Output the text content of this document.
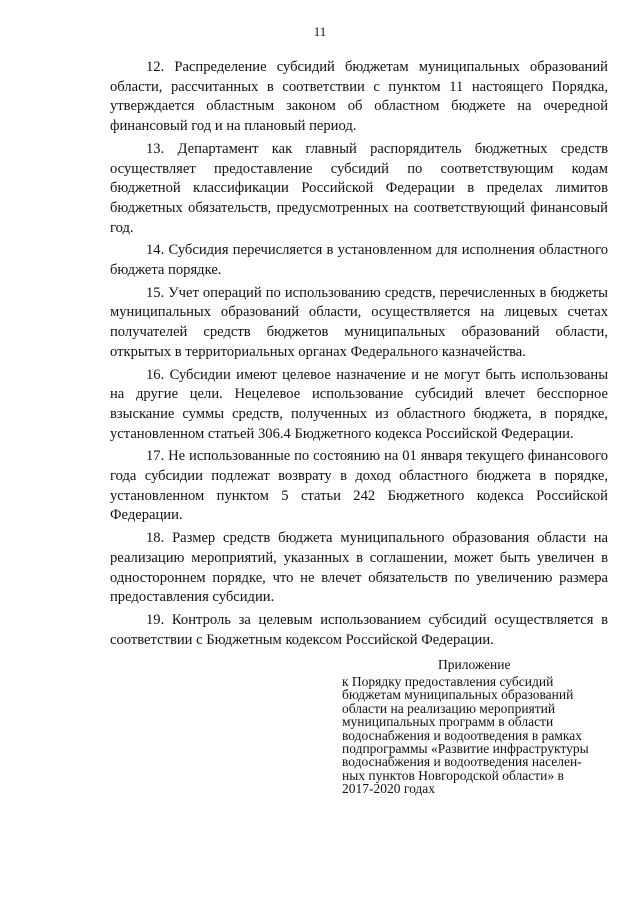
11

12. Распределение субсидий бюджетам муниципальных образований области, рассчитанных в соответствии с пунктом 11 настоящего Порядка, утверждается областным законом об областном бюджете на очередной финансовый год и на плановый период.

13. Департамент как главный распорядитель бюджетных средств осуществляет предоставление субсидий по соответствующим кодам бюджетной классификации Российской Федерации в пределах лимитов бюджетных обязательств, предусмотренных на соответствующий финансовый год.

14. Субсидия перечисляется в установленном для исполнения областного бюджета порядке.

15. Учет операций по использованию средств, перечисленных в бюджеты муниципальных образований области, осуществляется на лицевых счетах получателей средств бюджетов муниципальных образований области, открытых в территориальных органах Федерального казначейства.

16. Субсидии имеют целевое назначение и не могут быть использованы на другие цели. Нецелевое использование субсидий влечет бесспорное взыскание суммы средств, полученных из областного бюджета, в порядке, установленном статьей 306.4 Бюджетного кодекса Российской Федерации.

17. Не использованные по состоянию на 01 января текущего финансового года субсидии подлежат возврату в доход областного бюджета в порядке, установленном пунктом 5 статьи 242 Бюджетного кодекса Российской Федерации.

18. Размер средств бюджета муниципального образования области на реализацию мероприятий, указанных в соглашении, может быть увеличен в одностороннем порядке, что не влечет обязательств по увеличению размера предоставления субсидии.

19. Контроль за целевым использованием субсидий осуществляется в соответствии с Бюджетным кодексом Российской Федерации.

Приложение
к Порядку предоставления субсидий
бюджетам муниципальных образований
области на реализацию мероприятий
муниципальных программ в области
водоснабжения и водоотведения в рамках
подпрограммы «Развитие инфраструктуры
водоснабжения и водоотведения населен-
ных пунктов Новгородской области» в
2017-2020 годах
